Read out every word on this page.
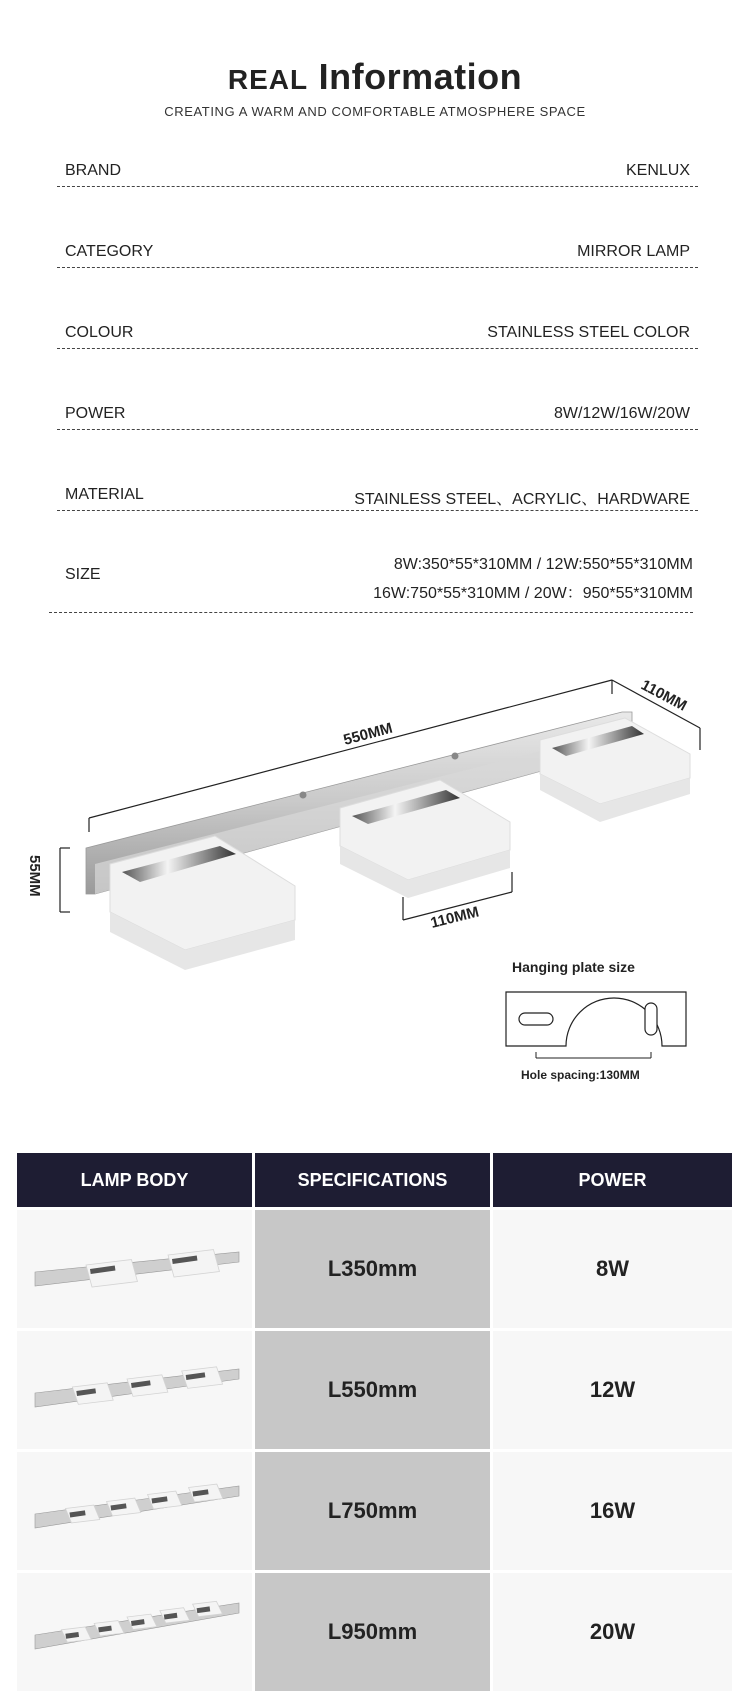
REAL Information
CREATING A WARM AND COMFORTABLE ATMOSPHERE SPACE
BRAND	KENLUX
CATEGORY	MIRROR LAMP
COLOUR	STAINLESS STEEL COLOR
POWER	8W/12W/16W/20W
MATERIAL	STAINLESS STEEL、ACRYLIC、HARDWARE
SIZE
8W:350*55*310MM / 12W:550*55*310MM
16W:750*55*310MM / 20W：950*55*310MM
550MM
110MM
55MM
110MM
Hanging plate size
Hole spacing:130MM
LAMP BODY	SPECIFICATIONS	POWER
L350mm	8W
L550mm	12W
L750mm	16W
L950mm	20W
